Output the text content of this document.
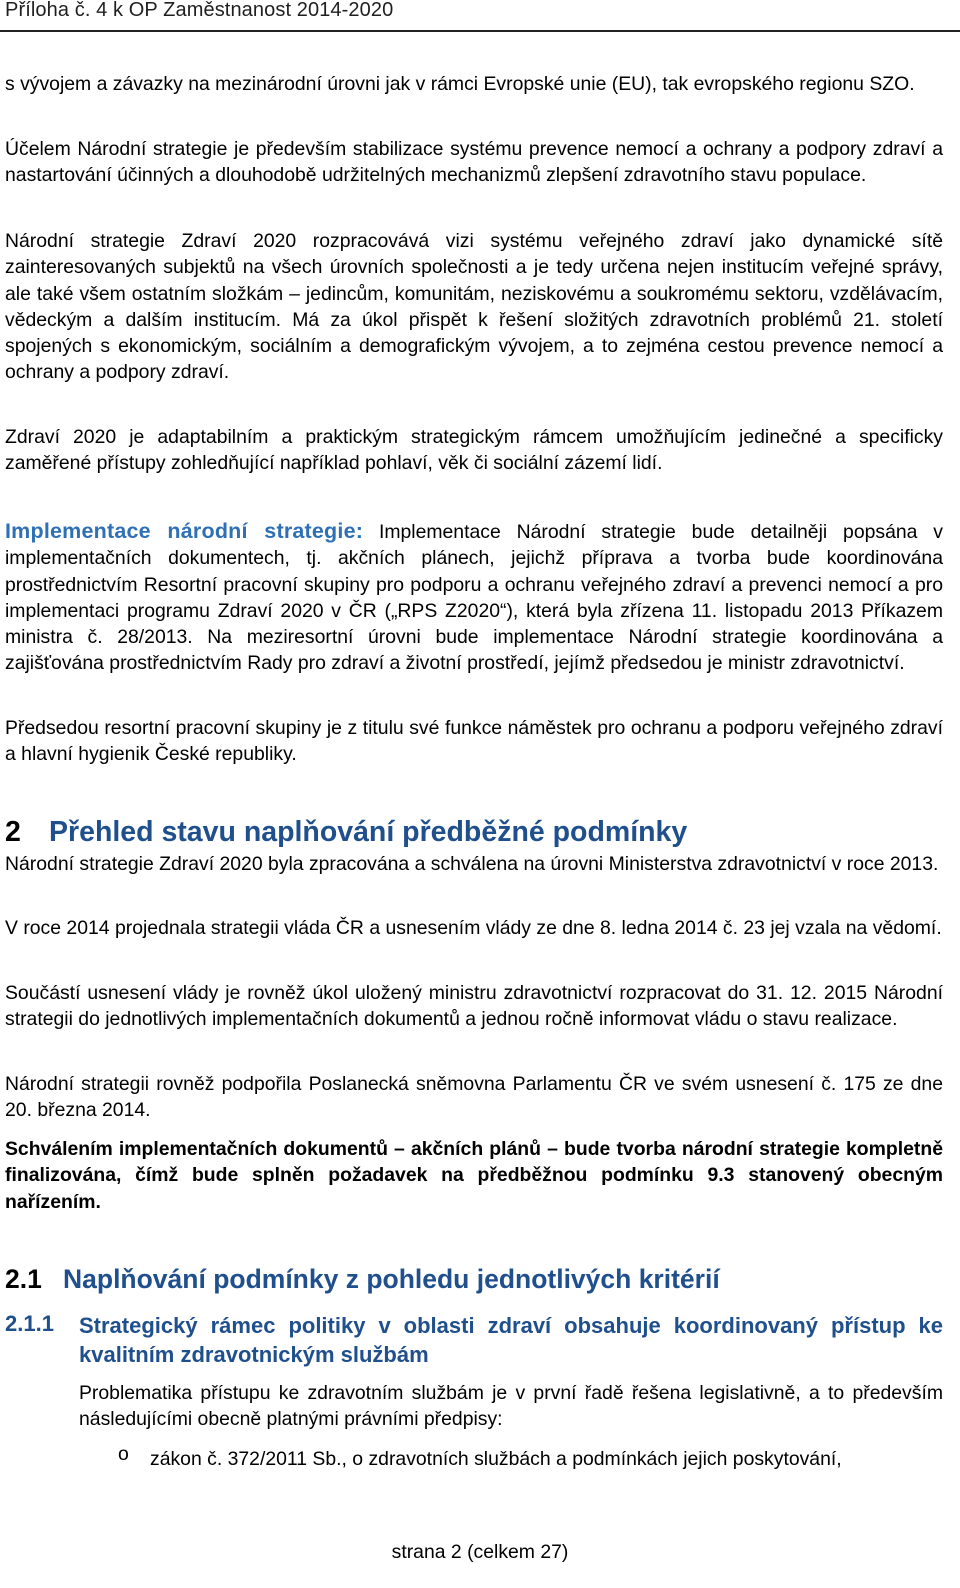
Příloha č. 4 k OP Zaměstnanost 2014-2020

s vývojem a závazky na mezinárodní úrovni jak v rámci Evropské unie (EU), tak evropského regionu SZO.

Účelem Národní strategie je především stabilizace systému prevence nemocí a ochrany a podpory zdraví a nastartování účinných a dlouhodobě udržitelných mechanizmů zlepšení zdravotního stavu populace.

Národní strategie Zdraví 2020 rozpracovává vizi systému veřejného zdraví jako dynamické sítě zainteresovaných subjektů na všech úrovních společnosti a je tedy určena nejen institucím veřejné správy, ale také všem ostatním složkám – jedincům, komunitám, neziskovému a soukromému sektoru, vzdělávacím, vědeckým a dalším institucím. Má za úkol přispět k řešení složitých zdravotních problémů 21. století spojených s ekonomickým, sociálním a demografickým vývojem, a to zejména cestou prevence nemocí a ochrany a podpory zdraví.

Zdraví 2020 je adaptabilním a praktickým strategickým rámcem umožňujícím jedinečné a specificky zaměřené přístupy zohledňující například pohlaví, věk či sociální zázemí lidí.

Implementace národní strategie: Implementace Národní strategie bude detailněji popsána v implementačních dokumentech, tj. akčních plánech, jejichž příprava a tvorba bude koordinována prostřednictvím Resortní pracovní skupiny pro podporu a ochranu veřejného zdraví a prevenci nemocí a pro implementaci programu Zdraví 2020 v ČR („RPS Z2020“), která byla zřízena 11. listopadu 2013 Příkazem ministra č. 28/2013. Na meziresortní úrovni bude implementace Národní strategie koordinována a zajišťována prostřednictvím Rady pro zdraví a životní prostředí, jejímž předsedou je ministr zdravotnictví.

Předsedou resortní pracovní skupiny je z titulu své funkce náměstek pro ochranu a podporu veřejného zdraví a hlavní hygienik České republiky.

2 Přehled stavu naplňování předběžné podmínky

Národní strategie Zdraví 2020 byla zpracována a schválena na úrovni Ministerstva zdravotnictví v roce 2013.

V roce 2014 projednala strategii vláda ČR a usnesením vlády ze dne 8. ledna 2014 č. 23 jej vzala na vědomí.

Součástí usnesení vlády je rovněž úkol uložený ministru zdravotnictví rozpracovat do 31. 12. 2015 Národní strategii do jednotlivých implementačních dokumentů a jednou ročně informovat vládu o stavu realizace.

Národní strategii rovněž podpořila Poslanecká sněmovna Parlamentu ČR ve svém usnesení č. 175 ze dne 20. března 2014.

Schválením implementačních dokumentů – akčních plánů – bude tvorba národní strategie kompletně finalizována, čímž bude splněn požadavek na předběžnou podmínku 9.3 stanovený obecným nařízením.

2.1 Naplňování podmínky z pohledu jednotlivých kritérií
2.1.1 Strategický rámec politiky v oblasti zdraví obsahuje koordinovaný přístup ke kvalitním zdravotnickým službám

Problematika přístupu ke zdravotním službám je v první řadě řešena legislativně, a to především následujícími obecně platnými právními předpisy:

o zákon č. 372/2011 Sb., o zdravotních službách a podmínkách jejich poskytování,

strana 2 (celkem 27)
